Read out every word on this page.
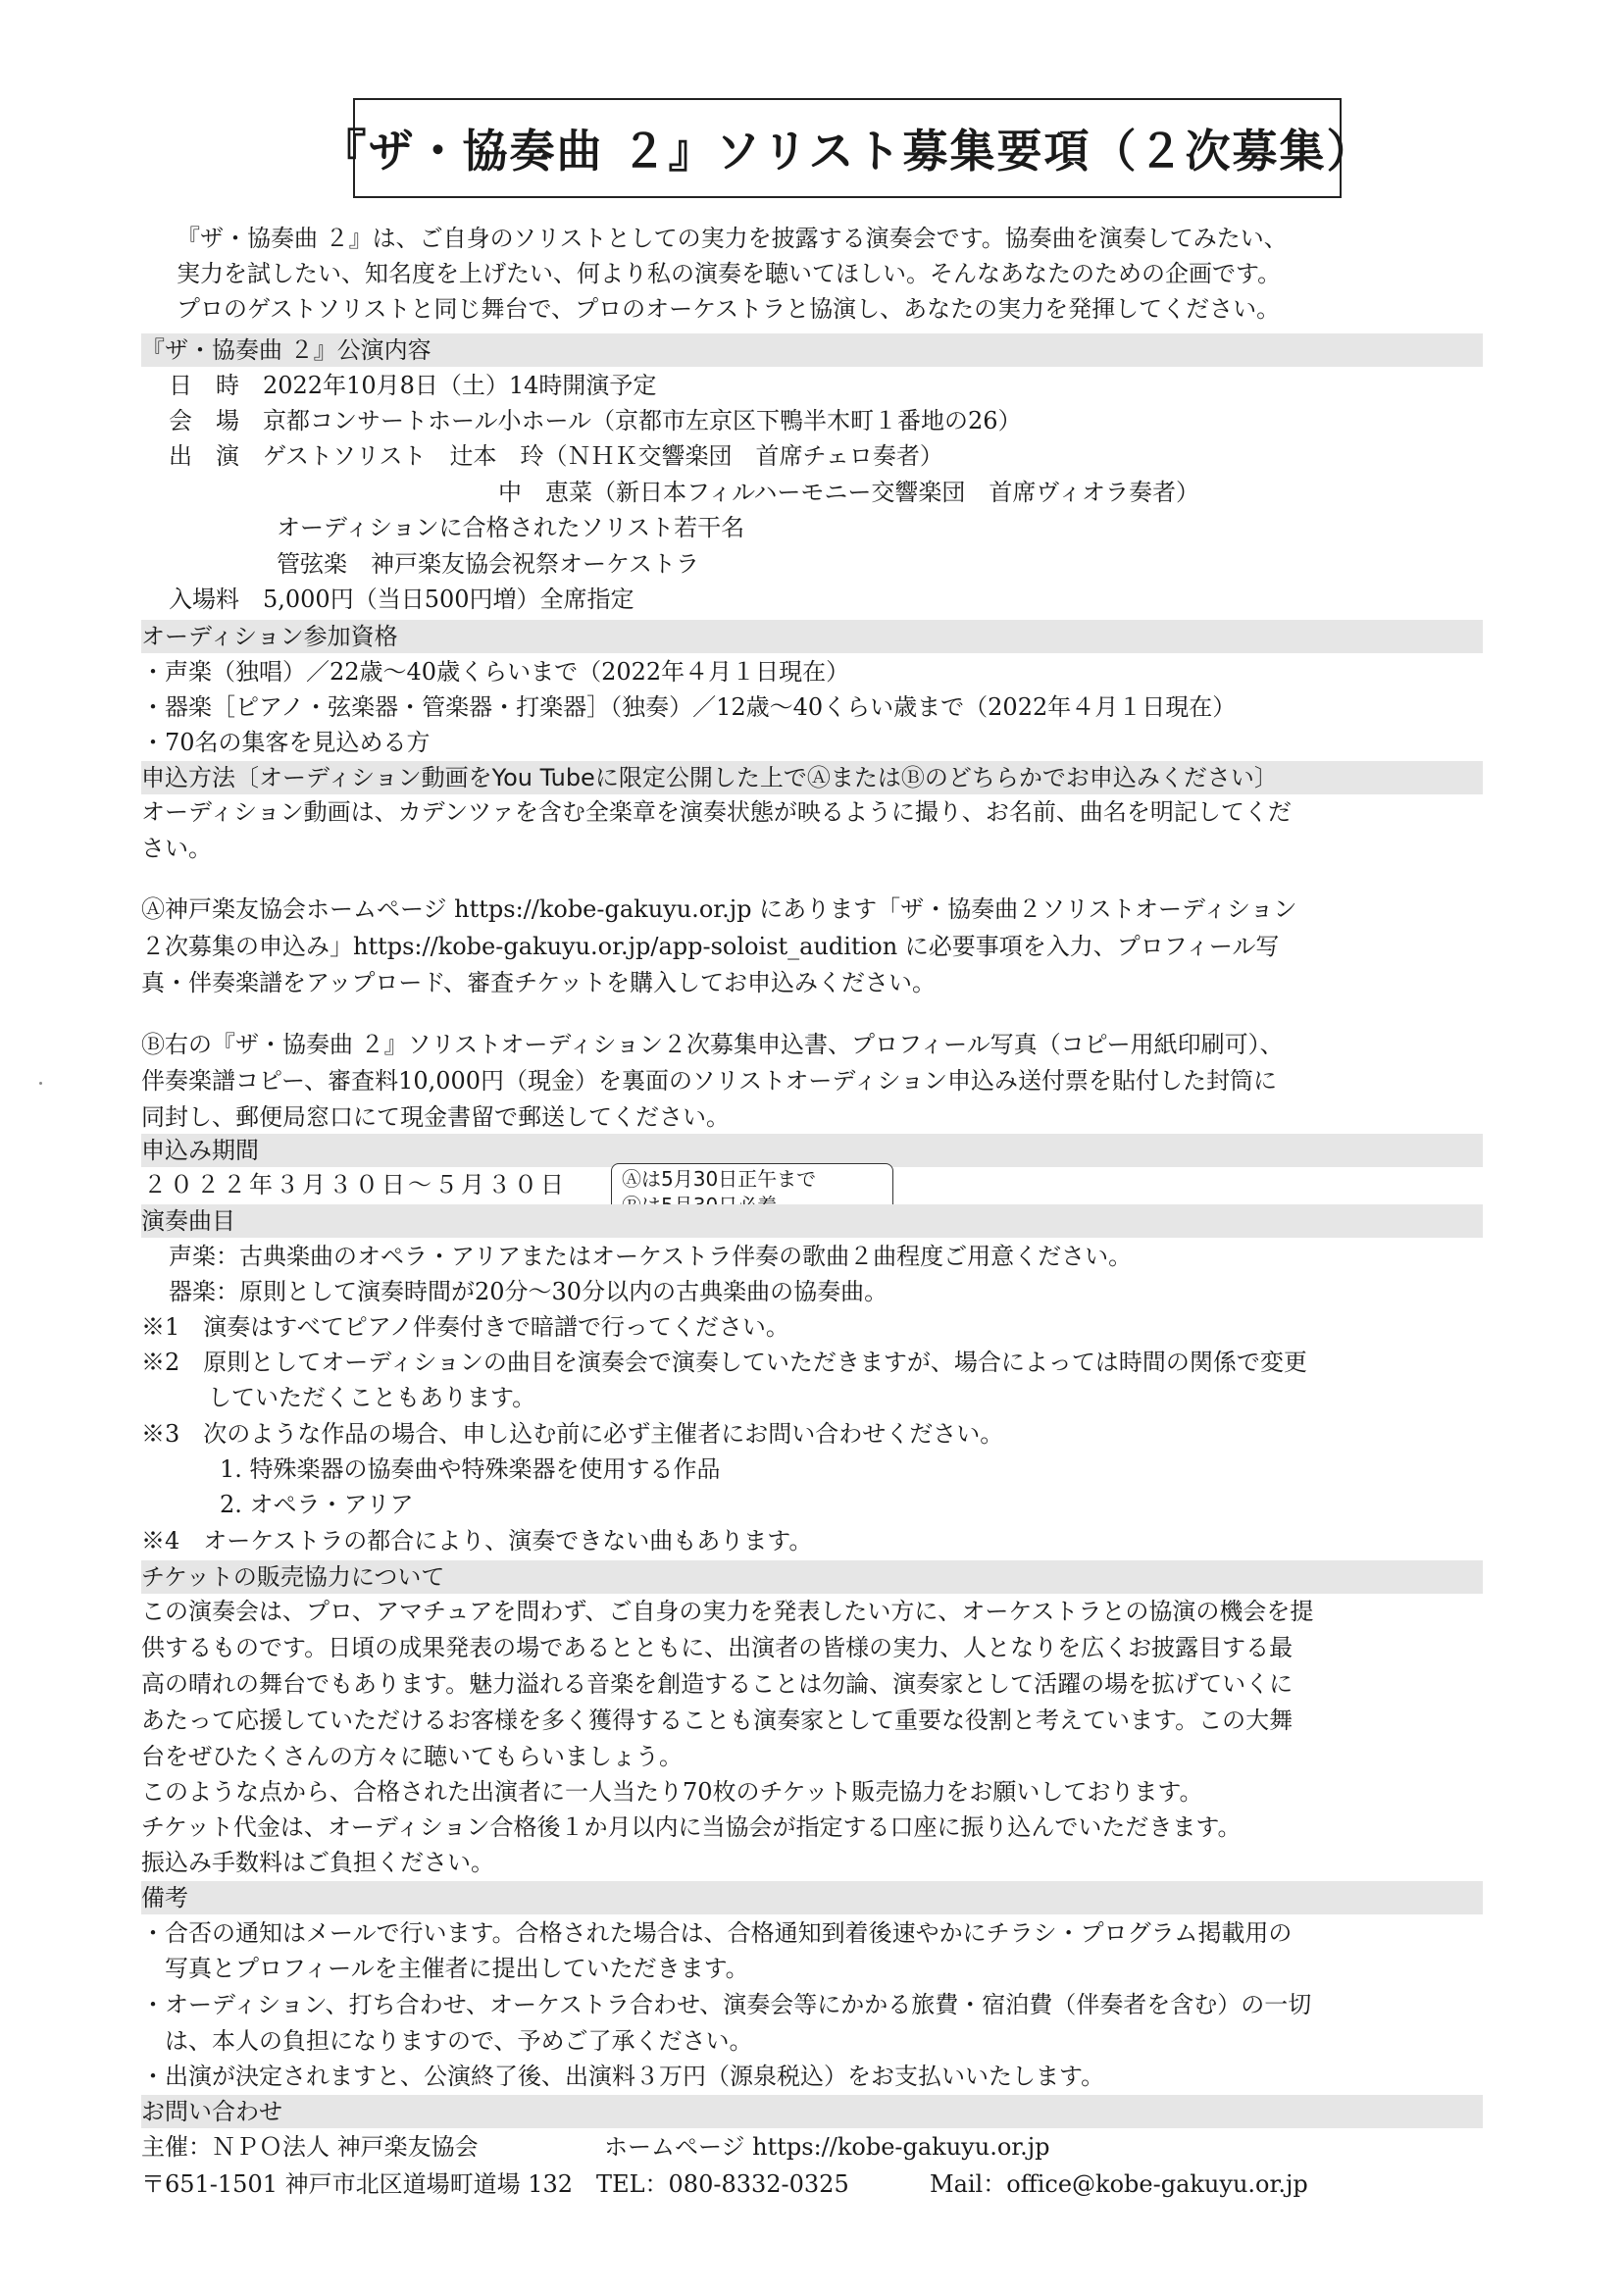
『ザ・協奏曲 ２』ソリスト募集要項（２次募集）
『ザ・協奏曲 ２』は、ご自身のソリストとしての実力を披露する演奏会です。協奏曲を演奏してみたい、
実力を試したい、知名度を上げたい、何より私の演奏を聴いてほしい。そんなあなたのための企画です。
プロのゲストソリストと同じ舞台で、プロのオーケストラと協演し、あなたの実力を発揮してください。
『ザ・協奏曲 ２』公演内容
日　時　2022年10月8日（土）14時開演予定
会　場　京都コンサートホール小ホール（京都市左京区下鴨半木町１番地の26）
出　演　ゲストソリスト　辻本　玲（ＮＨＫ交響楽団　首席チェロ奏者）
中　恵菜（新日本フィルハーモニー交響楽団　首席ヴィオラ奏者）
オーディションに合格されたソリスト若干名
管弦楽　神戸楽友協会祝祭オーケストラ
入場料　5,000円（当日500円増）全席指定
オーディション参加資格
・声楽（独唱）／22歳～40歳くらいまで（2022年４月１日現在）
・器楽［ピアノ・弦楽器・管楽器・打楽器］（独奏）／12歳～40くらい歳まで（2022年４月１日現在）
・70名の集客を見込める方
申込方法〔オーディション動画をYou Tubeに限定公開した上でⒶまたはⒷのどちらかでお申込みください〕
オーディション動画は、カデンツァを含む全楽章を演奏状態が映るように撮り、お名前、曲名を明記してくだ
さい。
Ⓐ神戸楽友協会ホームページ https://kobe-gakuyu.or.jp にあります「ザ・協奏曲２ソリストオーディション
２次募集の申込み」https://kobe-gakuyu.or.jp/app-soloist_audition に必要事項を入力、プロフィール写
真・伴奏楽譜をアップロード、審査チケットを購入してお申込みください。
Ⓑ右の『ザ・協奏曲 ２』ソリストオーディション２次募集申込書、プロフィール写真（コピー用紙印刷可）、
伴奏楽譜コピー、審査料10,000円（現金）を裏面のソリストオーディション申込み送付票を貼付した封筒に
同封し、郵便局窓口にて現金書留で郵送してください。
申込み期間
２０２２年３月３０日～５月３０日	Ⓐは5月30日正午まで
演奏曲目
声楽：古典楽曲のオペラ・アリアまたはオーケストラ伴奏の歌曲２曲程度ご用意ください。
器楽：原則として演奏時間が20分～30分以内の古典楽曲の協奏曲。
※1　演奏はすべてピアノ伴奏付きで暗譜で行ってください。
※2　原則としてオーディションの曲目を演奏会で演奏していただきますが、場合によっては時間の関係で変更
していただくこともあります。
※3　次のような作品の場合、申し込む前に必ず主催者にお問い合わせください。
1. 特殊楽器の協奏曲や特殊楽器を使用する作品
2. オペラ・アリア
※4　オーケストラの都合により、演奏できない曲もあります。
チケットの販売協力について
この演奏会は、プロ、アマチュアを問わず、ご自身の実力を発表したい方に、オーケストラとの協演の機会を提
供するものです。日頃の成果発表の場であるとともに、出演者の皆様の実力、人となりを広くお披露目する最
高の晴れの舞台でもあります。魅力溢れる音楽を創造することは勿論、演奏家として活躍の場を拡げていくに
あたって応援していただけるお客様を多く獲得することも演奏家として重要な役割と考えています。この大舞
台をぜひたくさんの方々に聴いてもらいましょう。
このような点から、合格された出演者に一人当たり70枚のチケット販売協力をお願いしております。
チケット代金は、オーディション合格後１か月以内に当協会が指定する口座に振り込んでいただきます。
振込み手数料はご負担ください。
備考
・合否の通知はメールで行います。合格された場合は、合格通知到着後速やかにチラシ・プログラム掲載用の
写真とプロフィールを主催者に提出していただきます。
・オーディション、打ち合わせ、オーケストラ合わせ、演奏会等にかかる旅費・宿泊費（伴奏者を含む）の一切
は、本人の負担になりますので、予めご了承ください。
・出演が決定されますと、公演終了後、出演料３万円（源泉税込）をお支払いいたします。
お問い合わせ
主催：ＮＰＯ法人 神戸楽友協会	ホームページ https://kobe-gakuyu.or.jp
〒651-1501 神戸市北区道場町道場 132　TEL：080-8332-0325	Mail：office@kobe-gakuyu.or.jp
